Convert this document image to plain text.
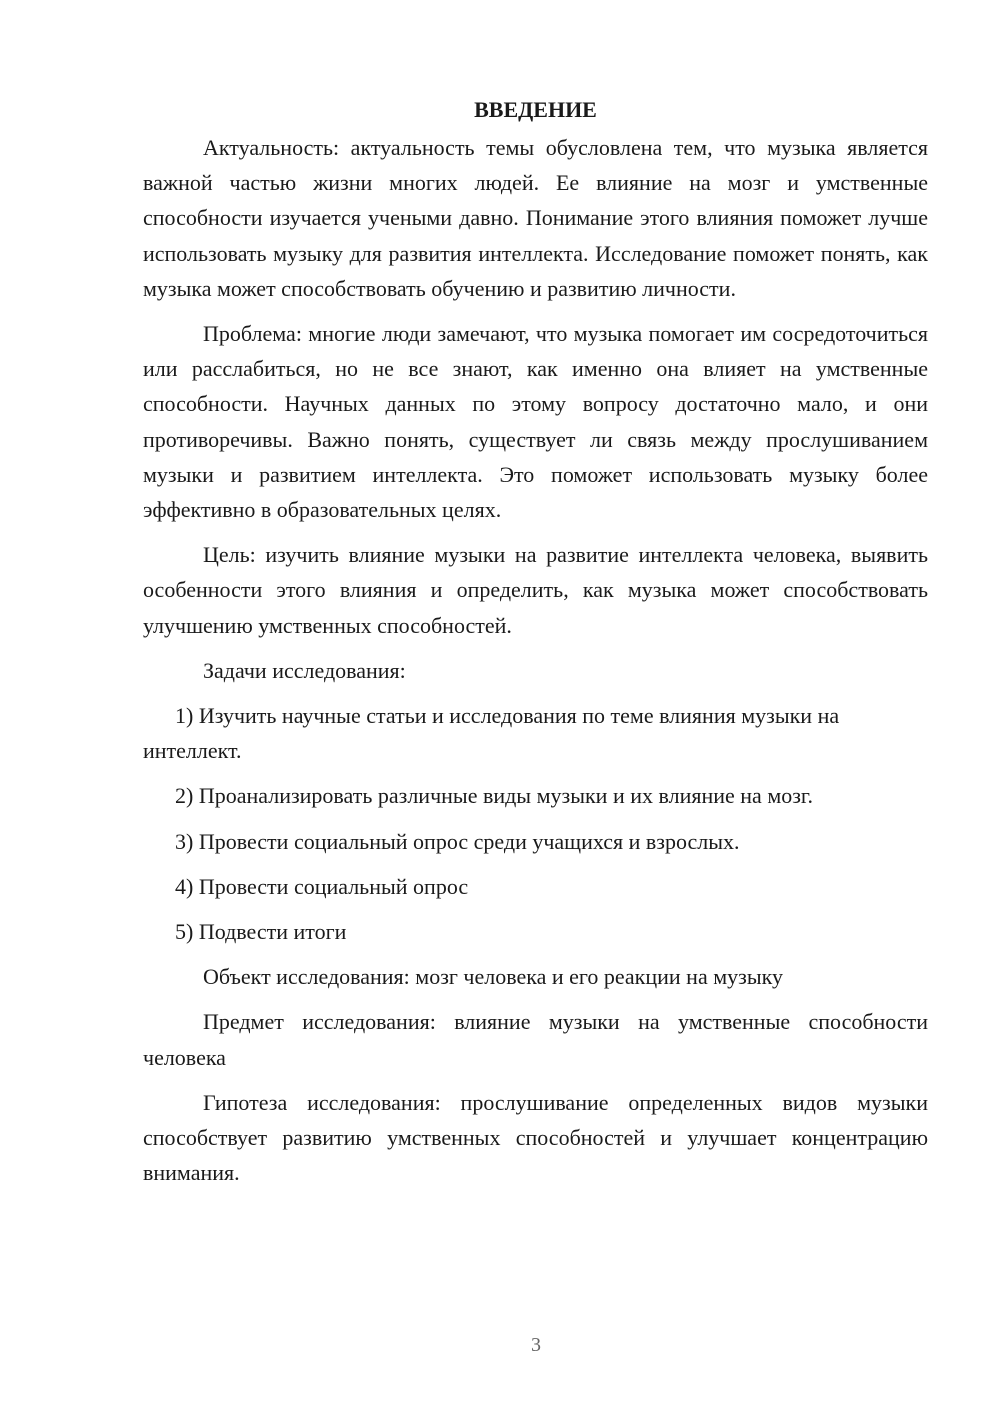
ВВЕДЕНИЕ

Актуальность: актуальность темы обусловлена тем, что музыка является важной частью жизни многих людей. Ее влияние на мозг и умственные способности изучается учеными давно. Понимание этого влияния поможет лучше использовать музыку для развития интеллекта. Исследование поможет понять, как музыка может способствовать обучению и развитию личности.

Проблема: многие люди замечают, что музыка помогает им сосредоточиться или расслабиться, но не все знают, как именно она влияет на умственные способности. Научных данных по этому вопросу достаточно мало, и они противоречивы. Важно понять, существует ли связь между прослушиванием музыки и развитием интеллекта. Это поможет использовать музыку более эффективно в образовательных целях.

Цель: изучить влияние музыки на развитие интеллекта человека, выявить особенности этого влияния и определить, как музыка может способствовать улучшению умственных способностей.

Задачи исследования:

1) Изучить научные статьи и исследования по теме влияния музыки на интеллект.

2) Проанализировать различные виды музыки и их влияние на мозг.

3) Провести социальный опрос среди учащихся и взрослых.

4) Провести социальный опрос

5) Подвести итоги

Объект исследования: мозг человека и его реакции на музыку

Предмет исследования: влияние музыки на умственные способности человека

Гипотеза исследования: прослушивание определенных видов музыки способствует развитию умственных способностей и улучшает концентрацию внимания.

3
